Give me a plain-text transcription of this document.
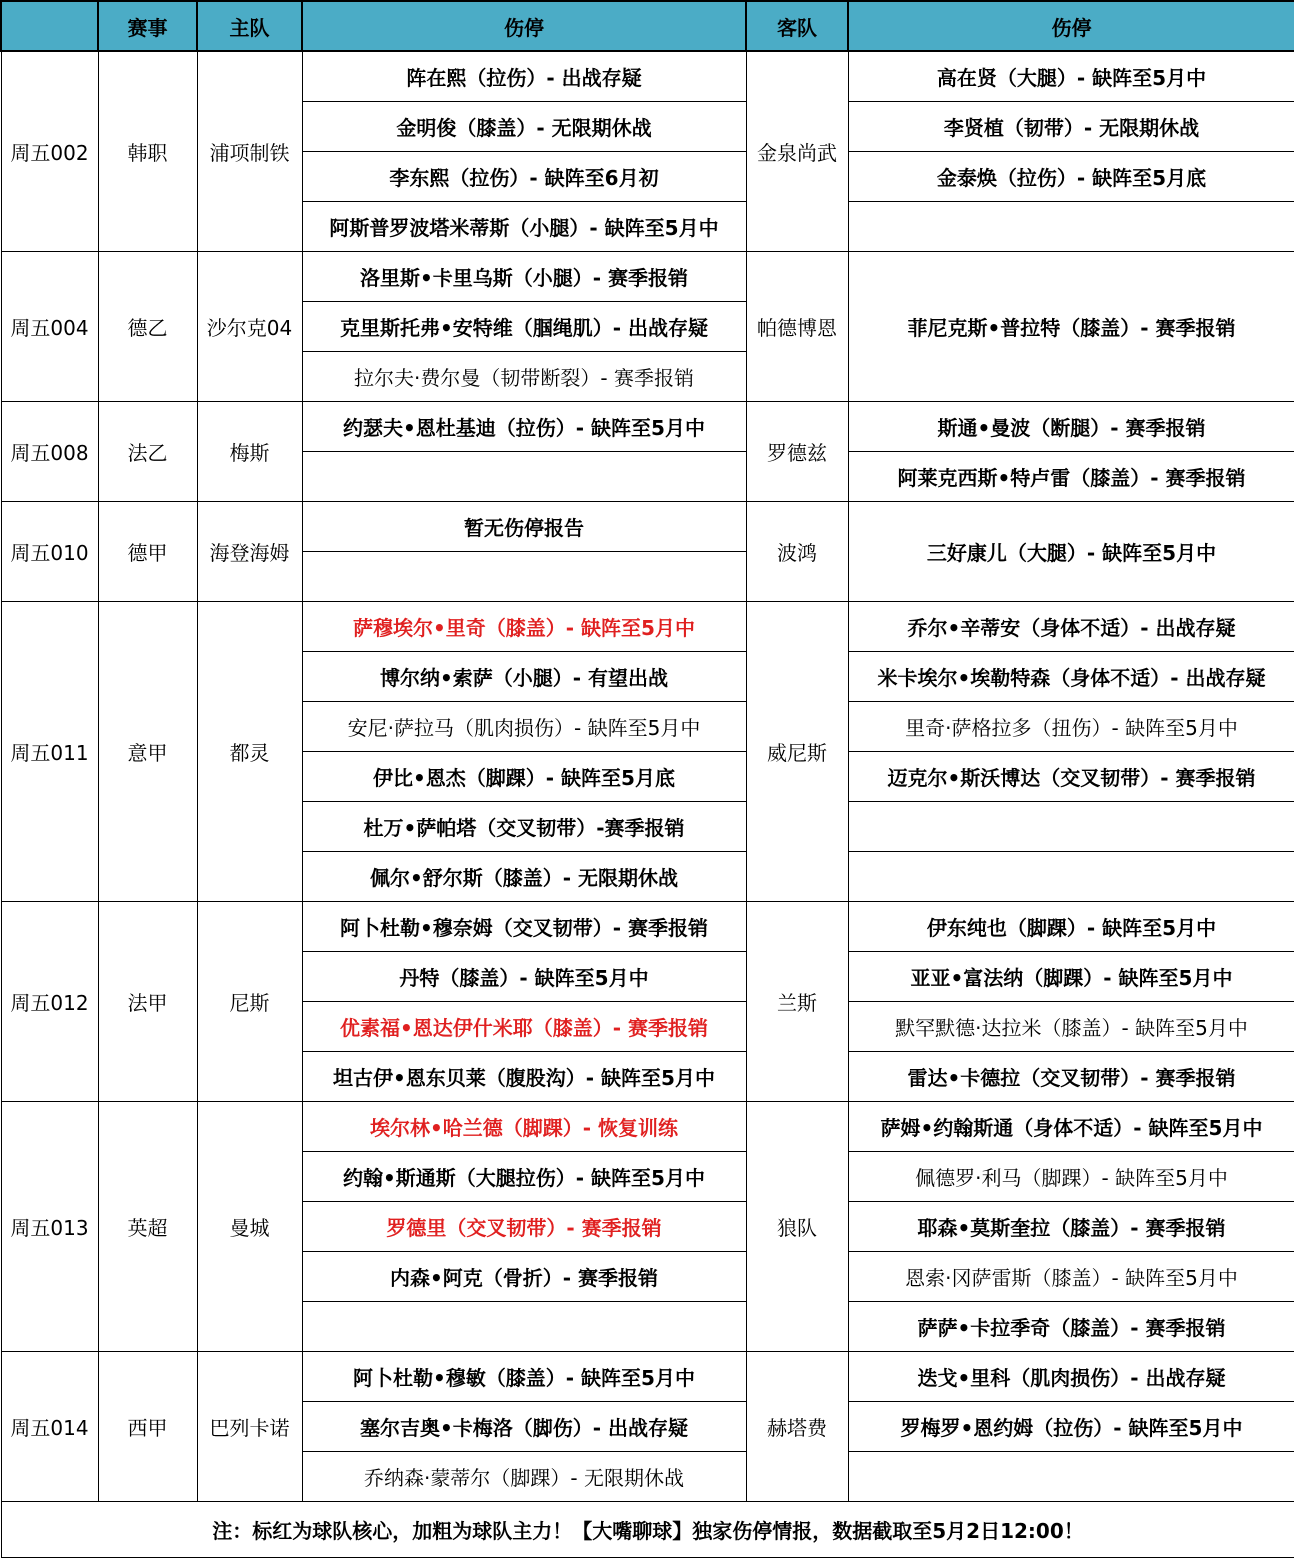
	赛事	主队	伤停	客队	伤停
周五002	韩职	浦项制铁	阵在熙（拉伤）- 出战存疑	金泉尚武	高在贤（大腿）- 缺阵至5月中
			金明俊（膝盖）- 无限期休战		李贤植（韧带）- 无限期休战
			李东熙（拉伤）- 缺阵至6月初		金泰焕（拉伤）- 缺阵至5月底
			阿斯普罗波塔米蒂斯（小腿）- 缺阵至5月中		
周五004	德乙	沙尔克04	洛里斯•卡里乌斯（小腿）- 赛季报销	帕德博恩	菲尼克斯•普拉特（膝盖）- 赛季报销
			克里斯托弗•安特维（腘绳肌）- 出战存疑		
			拉尔夫·费尔曼（韧带断裂）- 赛季报销		
周五008	法乙	梅斯	约瑟夫•恩杜基迪（拉伤）- 缺阵至5月中	罗德兹	斯通•曼波（断腿）- 赛季报销
					阿莱克西斯•特卢雷（膝盖）- 赛季报销
周五010	德甲	海登海姆	暂无伤停报告	波鸿	三好康儿（大腿）- 缺阵至5月中

周五011	意甲	都灵	萨穆埃尔•里奇（膝盖）- 缺阵至5月中	威尼斯	乔尔•辛蒂安（身体不适）- 出战存疑
			博尔纳•索萨（小腿）- 有望出战		米卡埃尔•埃勒特森（身体不适）- 出战存疑
			安尼·萨拉马（肌肉损伤）- 缺阵至5月中		里奇·萨格拉多（扭伤）- 缺阵至5月中
			伊比•恩杰（脚踝）- 缺阵至5月底		迈克尔•斯沃博达（交叉韧带）- 赛季报销
			杜万•萨帕塔（交叉韧带）-赛季报销		
			佩尔•舒尔斯（膝盖）- 无限期休战		
周五012	法甲	尼斯	阿卜杜勒•穆奈姆（交叉韧带）- 赛季报销	兰斯	伊东纯也（脚踝）- 缺阵至5月中
			丹特（膝盖）- 缺阵至5月中		亚亚•富法纳（脚踝）- 缺阵至5月中
			优素福•恩达伊什米耶（膝盖）- 赛季报销		默罕默德·达拉米（膝盖）- 缺阵至5月中
			坦古伊•恩东贝莱（腹股沟）- 缺阵至5月中		雷达•卡德拉（交叉韧带）- 赛季报销
周五013	英超	曼城	埃尔林•哈兰德（脚踝）- 恢复训练	狼队	萨姆•约翰斯通（身体不适）- 缺阵至5月中
			约翰•斯通斯（大腿拉伤）- 缺阵至5月中		佩德罗·利马（脚踝）- 缺阵至5月中
			罗德里（交叉韧带）- 赛季报销		耶森•莫斯奎拉（膝盖）- 赛季报销
			内森•阿克（骨折）- 赛季报销		恩索·冈萨雷斯（膝盖）- 缺阵至5月中
					萨萨•卡拉季奇（膝盖）- 赛季报销
周五014	西甲	巴列卡诺	阿卜杜勒•穆敏（膝盖）- 缺阵至5月中	赫塔费	迭戈•里科（肌肉损伤）- 出战存疑
			塞尔吉奥•卡梅洛（脚伤）- 出战存疑		罗梅罗•恩约姆（拉伤）- 缺阵至5月中
			乔纳森·蒙蒂尔（脚踝）- 无限期休战		
注：标红为球队核心，加粗为球队主力！【大嘴聊球】独家伤停情报，数据截取至5月2日12:00！					
